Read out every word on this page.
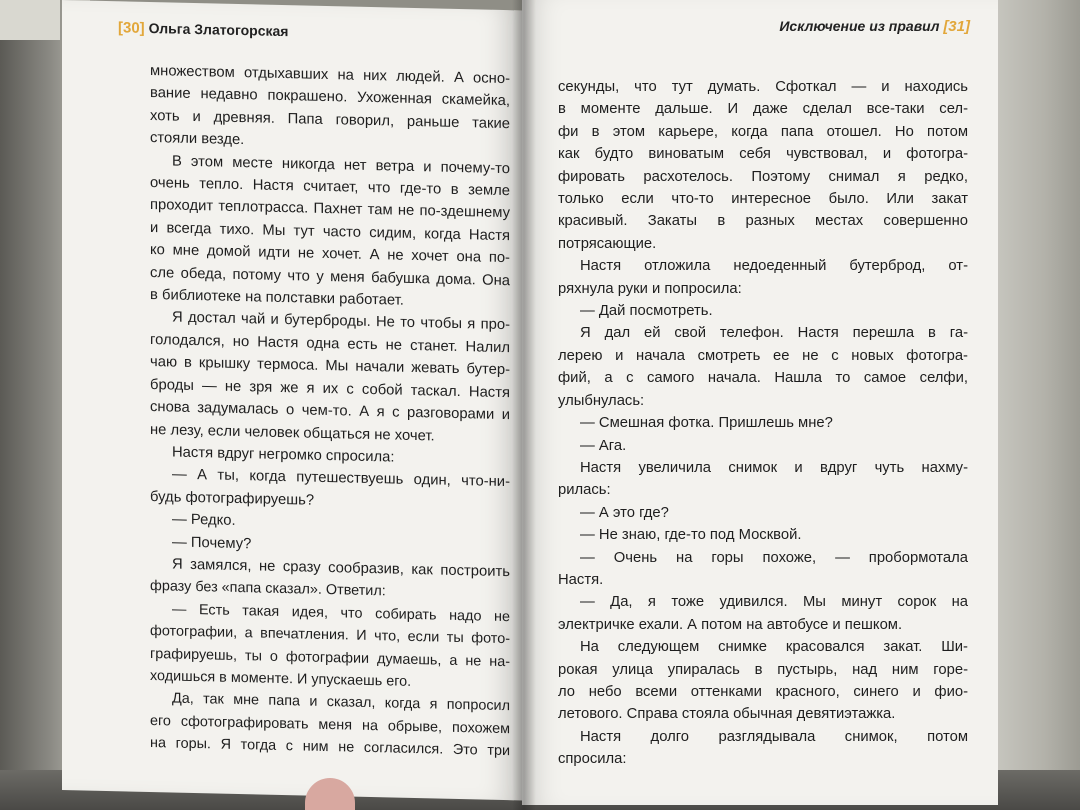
[30] Ольга Златогорская

множеством отдыхавших на них людей. А осно-

вание недавно покрашено. Ухоженная скамейка,

хоть и древняя. Папа говорил, раньше такие

стояли везде.

В этом месте никогда нет ветра и почему-то

очень тепло. Настя считает, что где-то в земле

проходит теплотрасса. Пахнет там не по-здешнему

и всегда тихо. Мы тут часто сидим, когда Настя

ко мне домой идти не хочет. А не хочет она по-

сле обеда, потому что у меня бабушка дома. Она

в библиотеке на полставки работает.

Я достал чай и бутерброды. Не то чтобы я про-

голодался, но Настя одна есть не станет. Налил

чаю в крышку термоса. Мы начали жевать бутер-

броды — не зря же я их с собой таскал. Настя

снова задумалась о чем-то. А я с разговорами и

не лезу, если человек общаться не хочет.

Настя вдруг негромко спросила:

— А ты, когда путешествуешь один, что-ни-

будь фотографируешь?

— Редко.

— Почему?

Я замялся, не сразу сообразив, как построить

фразу без «папа сказал». Ответил:

— Есть такая идея, что собирать надо не

фотографии, а впечатления. И что, если ты фото-

графируешь, ты о фотографии думаешь, а не на-

ходишься в моменте. И упускаешь его.

Да, так мне папа и сказал, когда я попросил

его сфотографировать меня на обрыве, похожем

на горы. Я тогда с ним не согласился. Это три

Исключение из правил [31]

секунды, что тут думать. Сфоткал — и находись

в моменте дальше. И даже сделал все-таки сел-

фи в этом карьере, когда папа отошел. Но потом

как будто виноватым себя чувствовал, и фотогра-

фировать расхотелось. Поэтому снимал я редко,

только если что-то интересное было. Или закат

красивый. Закаты в разных местах совершенно

потрясающие.

Настя отложила недоеденный бутерброд, от-

ряхнула руки и попросила:

— Дай посмотреть.

Я дал ей свой телефон. Настя перешла в га-

лерею и начала смотреть ее не с новых фотогра-

фий, а с самого начала. Нашла то самое селфи,

улыбнулась:

— Смешная фотка. Пришлешь мне?

— Ага.

Настя увеличила снимок и вдруг чуть нахму-

рилась:

— А это где?

— Не знаю, где-то под Москвой.

— Очень на горы похоже, — пробормотала

Настя.

— Да, я тоже удивился. Мы минут сорок на

электричке ехали. А потом на автобусе и пешком.

На следующем снимке красовался закат. Ши-

рокая улица упиралась в пустырь, над ним горе-

ло небо всеми оттенками красного, синего и фио-

летового. Справа стояла обычная девятиэтажка.

Настя долго разглядывала снимок, потом

спросила:
